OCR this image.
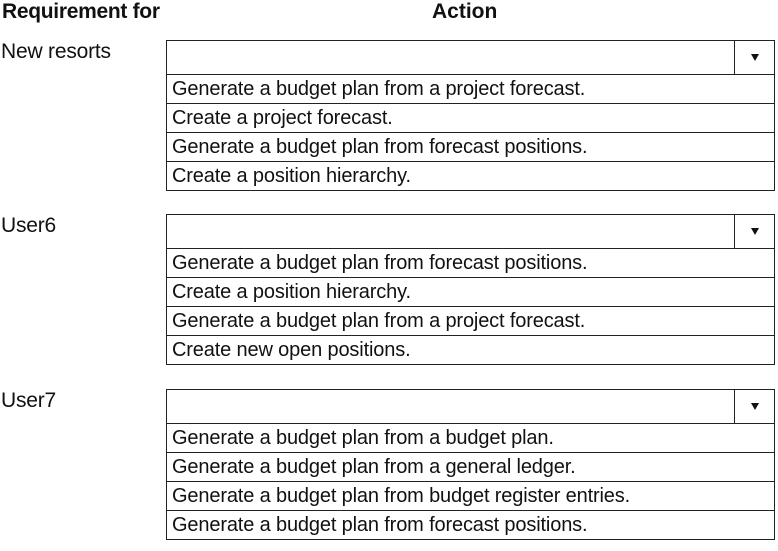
Requirement for	Action
New resorts
Generate a budget plan from a project forecast.
Create a project forecast.
Generate a budget plan from forecast positions.
Create a position hierarchy.
User6
Generate a budget plan from forecast positions.
Create a position hierarchy.
Generate a budget plan from a project forecast.
Create new open positions.
User7
Generate a budget plan from a budget plan.
Generate a budget plan from a general ledger.
Generate a budget plan from budget register entries.
Generate a budget plan from forecast positions.
